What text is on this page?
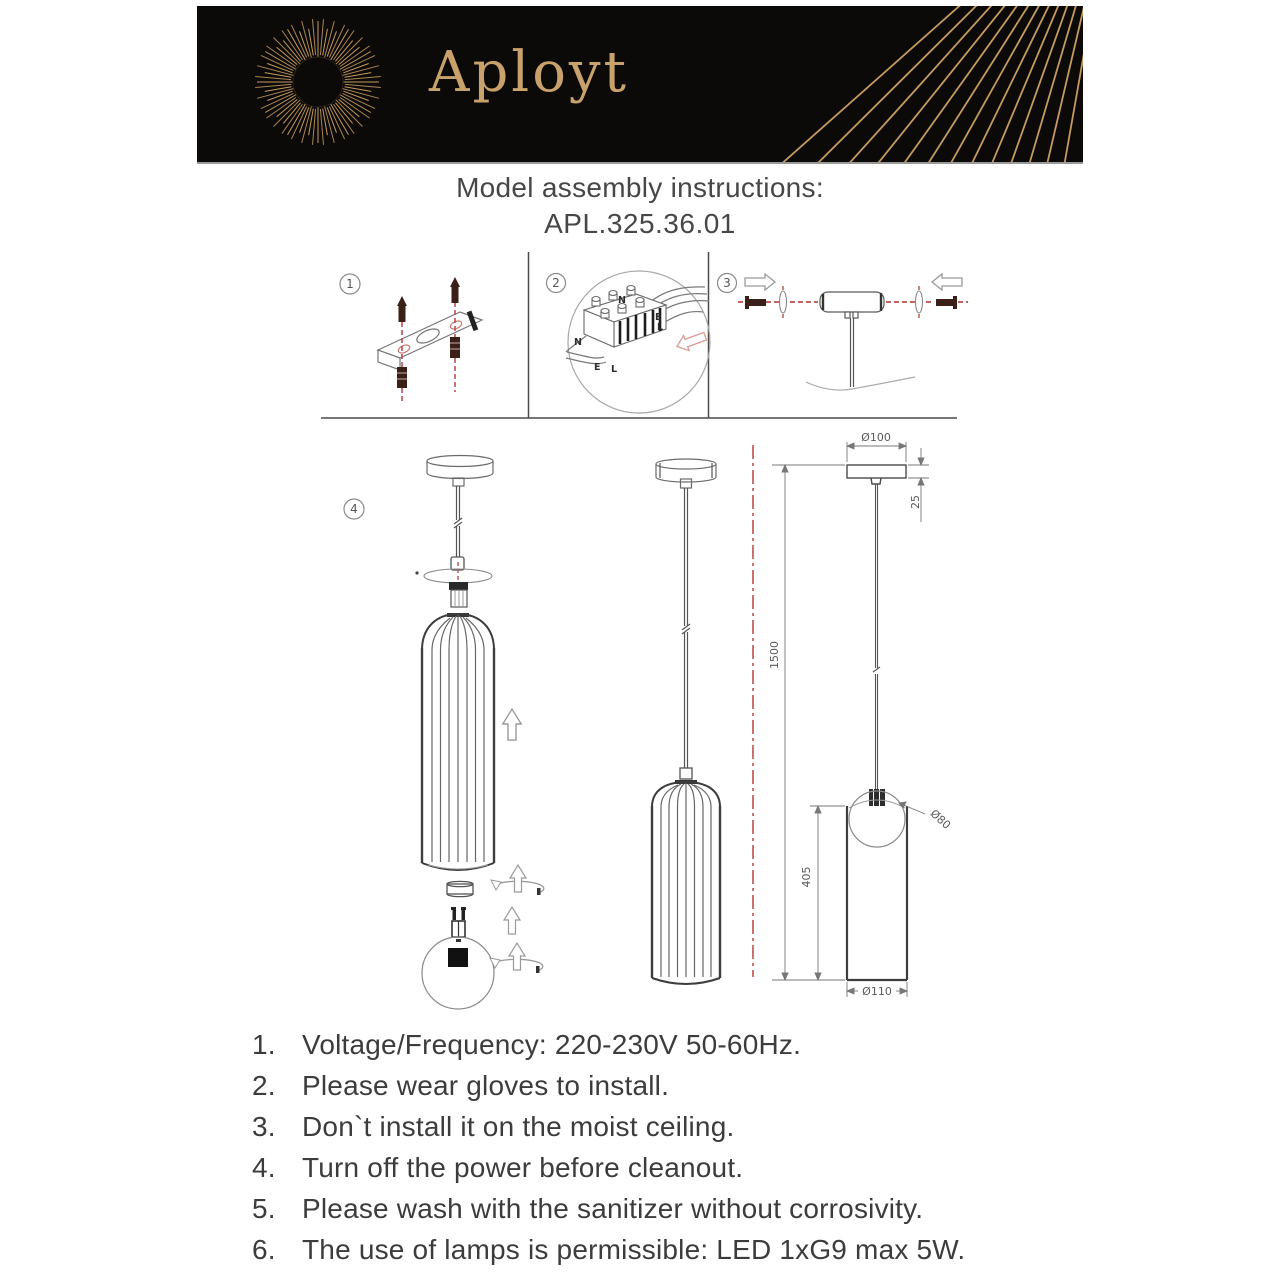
Aployt
Model assembly instructions:
APL.325.36.01
1	2
N
E
L
N
E L
3
4
Ø100
25
1500
405
Ø80
Ø110
1. Voltage/Frequency: 220-230V 50-60Hz.
2. Please wear gloves to install.
3. Don`t install it on the moist ceiling.
4. Turn off the power before cleanout.
5. Please wash with the sanitizer without corrosivity.
6. The use of lamps is permissible: LED 1xG9 max 5W.
